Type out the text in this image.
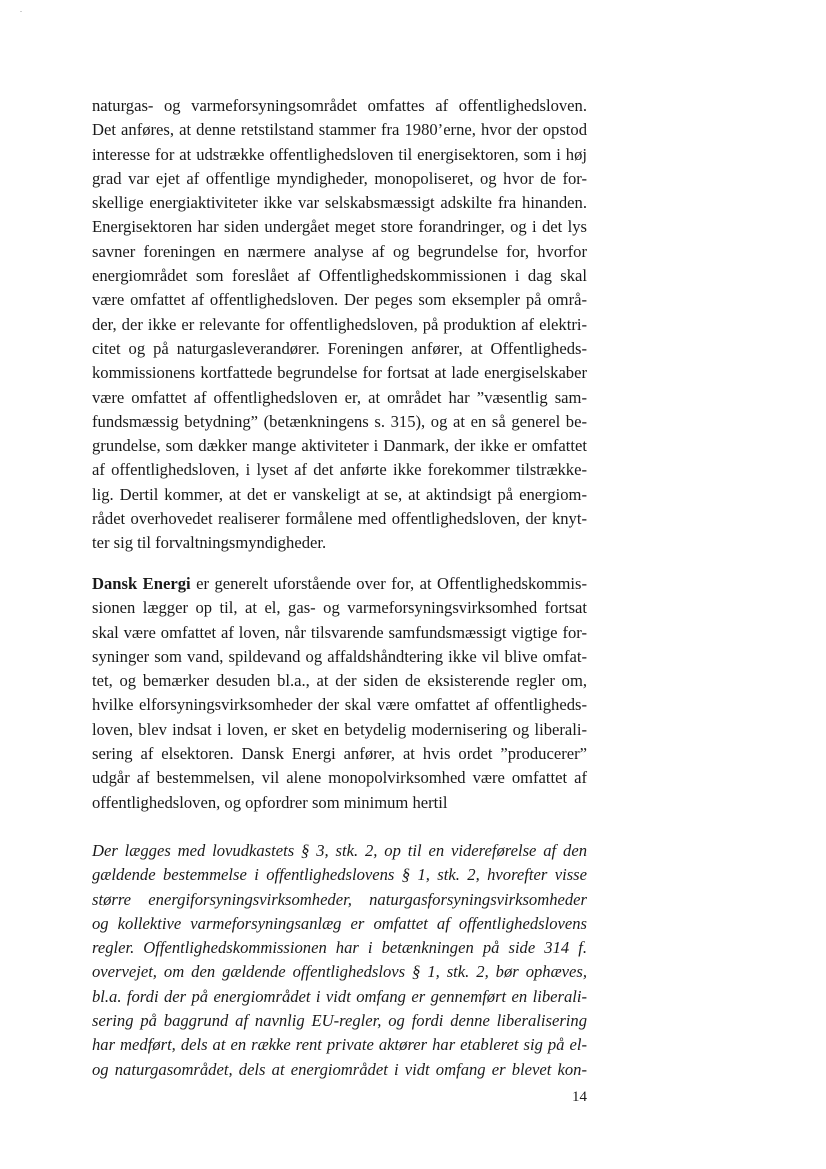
naturgas- og varmeforsyningsområdet omfattes af offentlighedsloven.
Det anføres, at denne retstilstand stammer fra 1980’erne, hvor der opstod
interesse for at udstrække offentlighedsloven til energisektoren, som i høj
grad var ejet af offentlige myndigheder, monopoliseret, og hvor de for-
skellige energiaktiviteter ikke var selskabsmæssigt adskilte fra hinanden.
Energisektoren har siden undergået meget store forandringer, og i det lys
savner foreningen en nærmere analyse af og begrundelse for, hvorfor
energiområdet som foreslået af Offentlighedskommissionen i dag skal
være omfattet af offentlighedsloven. Der peges som eksempler på områ-
der, der ikke er relevante for offentlighedsloven, på produktion af elektri-
citet og på naturgasleverandører. Foreningen anfører, at Offentligheds-
kommissionens kortfattede begrundelse for fortsat at lade energiselskaber
være omfattet af offentlighedsloven er, at området har ”væsentlig sam-
fundsmæssig betydning” (betænkningens s. 315), og at en så generel be-
grundelse, som dækker mange aktiviteter i Danmark, der ikke er omfattet
af offentlighedsloven, i lyset af det anførte ikke forekommer tilstrække-
lig. Dertil kommer, at det er vanskeligt at se, at aktindsigt på energiom-
rådet overhovedet realiserer formålene med offentlighedsloven, der knyt-
ter sig til forvaltningsmyndigheder.
Dansk Energi er generelt uforstående over for, at Offentlighedskommis-
sionen lægger op til, at el, gas- og varmeforsyningsvirksomhed fortsat
skal være omfattet af loven, når tilsvarende samfundsmæssigt vigtige for-
syninger som vand, spildevand og affaldshåndtering ikke vil blive omfat-
tet, og bemærker desuden bl.a., at der siden de eksisterende regler om,
hvilke elforsyningsvirksomheder der skal være omfattet af offentligheds-
loven, blev indsat i loven, er sket en betydelig modernisering og liberali-
sering af elsektoren. Dansk Energi anfører, at hvis ordet ”producerer”
udgår af bestemmelsen, vil alene monopolvirksomhed være omfattet af
offentlighedsloven, og opfordrer som minimum hertil
Der lægges med lovudkastets § 3, stk. 2, op til en videreførelse af den
gældende bestemmelse i offentlighedslovens § 1, stk. 2, hvorefter visse
større energiforsyningsvirksomheder, naturgasforsyningsvirksomheder
og kollektive varmeforsyningsanlæg er omfattet af offentlighedslovens
regler. Offentlighedskommissionen har i betænkningen på side 314 f.
overvejet, om den gældende offentlighedslovs § 1, stk. 2, bør ophæves,
bl.a. fordi der på energiområdet i vidt omfang er gennemført en liberali-
sering på baggrund af navnlig EU-regler, og fordi denne liberalisering
har medført, dels at en række rent private aktører har etableret sig på el-
og naturgasområdet, dels at energiområdet i vidt omfang er blevet kon-
14
